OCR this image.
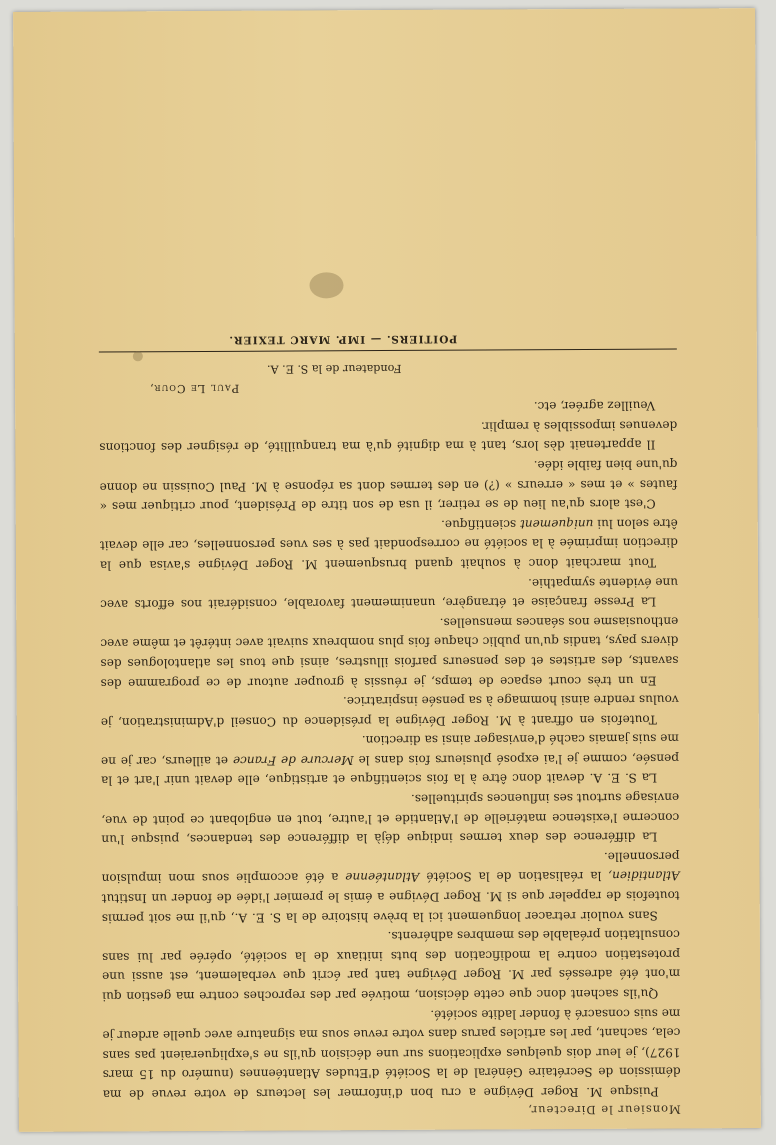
Monsieur le Directeur,

Puisque M. Roger Dévigne a cru bon d'informer les lecteurs de votre revue de ma démission de Secrétaire Général de la Société d'Etudes Atlantéennes (numéro du 15 mars 1927), je leur dois quelques explications sur une décision qu'ils ne s'expliqueraient pas sans cela, sachant, par les articles parus dans votre revue sous ma signature avec quelle ardeur je me suis consacré à fonder ladite société.

Qu'ils sachent donc que cette décision, motivée par des reproches contre ma gestion qui m'ont été adressés par M. Roger Dévigne tant par écrit que verbalement, est aussi une protestation contre la modification des buts initiaux de la société, opérée par lui sans consultation préalable des membres adhérents.

Sans vouloir retracer longuement ici la brève histoire de la S. E. A., qu'il me soit permis toutefois de rappeler que si M. Roger Dévigne a émis le premier l'idée de fonder un Institut Atlantidien, la réalisation de la Société Atlantéenne a été accomplie sous mon impulsion personnelle.

La différence des deux termes indique déjà la différence des tendances, puisque l'un concerne l'existence matérielle de l'Atlantide et l'autre, tout en englobant ce point de vue, envisage surtout ses influences spirituelles.

La S. E. A. devait donc être à la fois scientifique et artistique, elle devait unir l'art et la pensée, comme je l'ai exposé plusieurs fois dans le Mercure de France et ailleurs, car je ne me suis jamais caché d'envisager ainsi sa direction.

Toutefois en offrant à M. Roger Dévigne la présidence du Conseil d'Administration, je voulus rendre ainsi hommage à sa pensée inspiratrice.

En un très court espace de temps, je réussis à grouper autour de ce programme des savants, des artistes et des penseurs parfois illustres, ainsi que tous les atlantologues des divers pays, tandis qu'un public chaque fois plus nombreux suivait avec intérêt et même avec enthousiasme nos séances mensuelles.

La Presse française et étrangère, unanimement favorable, considérait nos efforts avec une évidente sympathie.

Tout marchait donc à souhait quand brusquement M. Roger Dévigne s'avisa que la direction imprimée à la société ne correspondait pas à ses vues personnelles, car elle devait être selon lui uniquement scientifique.

C'est alors qu'au lieu de se retirer, il usa de son titre de Président, pour critiquer mes « fautes » et mes « erreurs » (?) en des termes dont sa réponse à M. Paul Couissin ne donne qu'une bien faible idée.

Il appartenait dès lors, tant à ma dignité qu'à ma tranquillité, de résigner des fonctions devenues impossibles à remplir.

Veuillez agréer, etc.

Paul Le Cour,
Fondateur de la S. E. A.
POITIERS. — IMP. MARC TEXIER.
